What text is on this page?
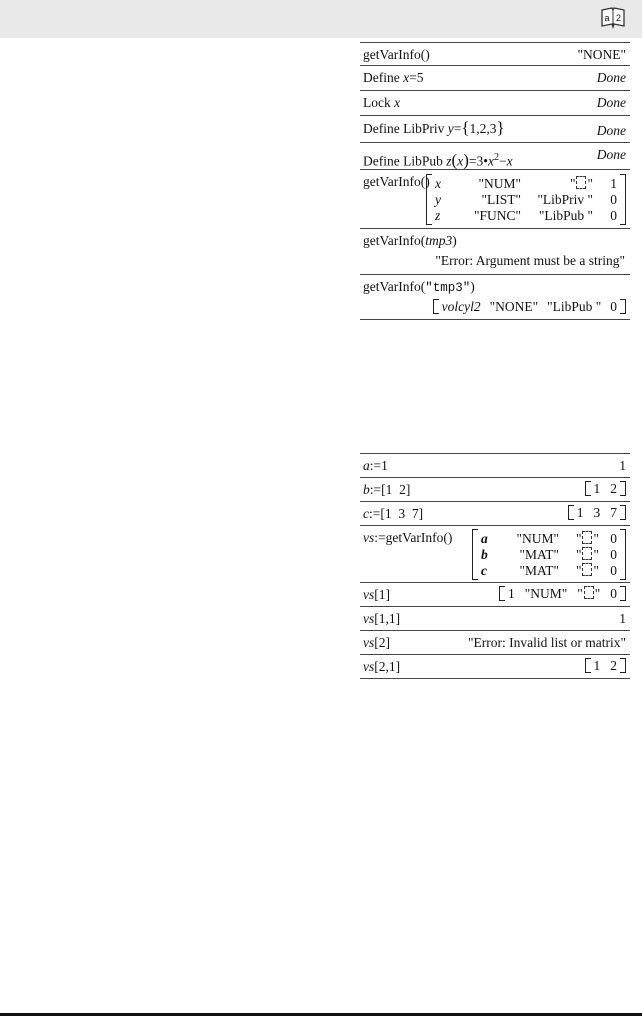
a 2
getVarInfo()	"NONE"
Define x=5	Done
Lock x	Done
Define LibPriv y={1,2,3}	Done
Define LibPub $z(x)=3•x^2-x$	Done
getVarInfo() x	"NUM"	" "	1
y	"LIST"	"LibPriv "	0
z	"FUNC"	"LibPub "	0
getVarInfo(tmp3)
"Error: Argument must be a string"
getVarInfo("tmp3")
volcyl2 "NONE" "LibPub " 0
a:=1	1
b:=[1  2]	1 2
c:=[1  3  7]	1 3 7
vs:=getVarInfo() a	"NUM"	" " 0
b	"MAT"	" " 0
c	"MAT"	" " 0
vs[1]	1 "NUM" " " 0
vs[1,1]	1
vs[2]	"Error: Invalid list or matrix"
vs[2,1]	1 2
